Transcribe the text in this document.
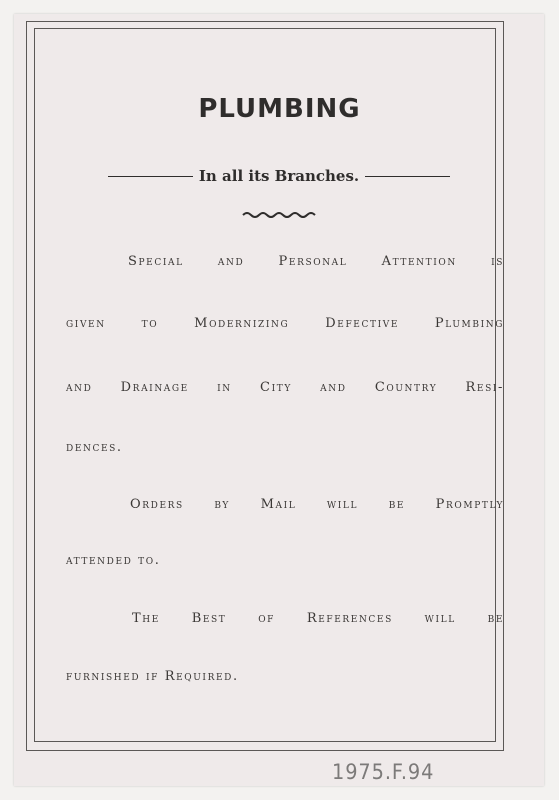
PLUMBING
In all its Branches.

Special and Personal Attention is

given to Modernizing Defective Plumbing

and Drainage in City and Country Resi-

dences.

Orders by Mail will be Promptly

attended to.

The Best of References will be

furnished if Required.

1975.F.94
